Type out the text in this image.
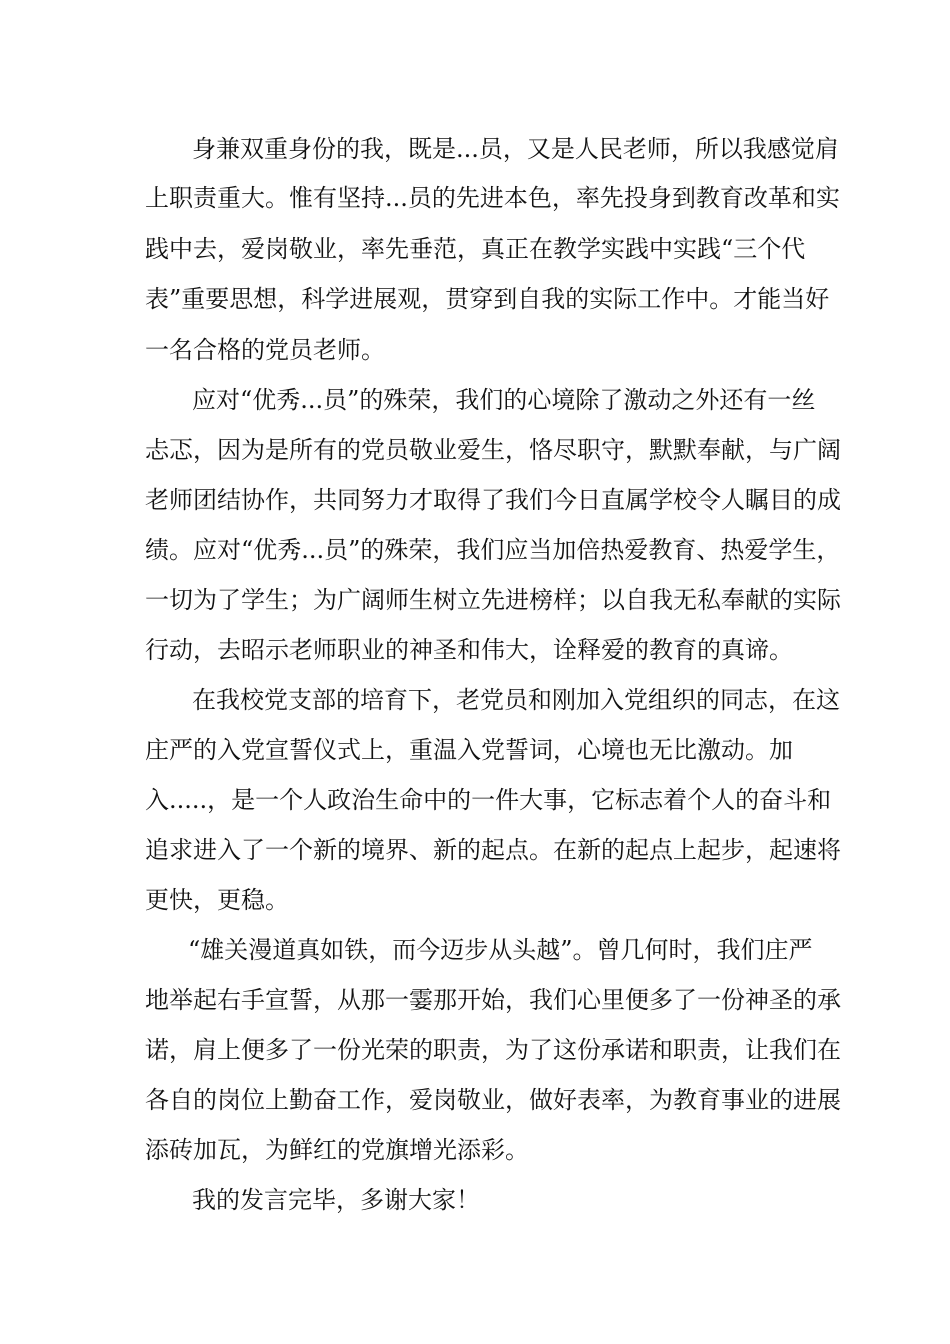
身兼双重身份的我，既是...员，又是人民老师，所以我感觉肩
上职责重大。惟有坚持...员的先进本色，率先投身到教育改革和实
践中去，爱岗敬业，率先垂范，真正在教学实践中实践“三个代
表”重要思想，科学进展观，贯穿到自我的实际工作中。才能当好
一名合格的党员老师。
应对“优秀...员”的殊荣，我们的心境除了激动之外还有一丝
忐忑，因为是所有的党员敬业爱生，恪尽职守，默默奉献，与广阔
老师团结协作，共同努力才取得了我们今日直属学校令人瞩目的成
绩。应对“优秀...员”的殊荣，我们应当加倍热爱教育、热爱学生，
一切为了学生；为广阔师生树立先进榜样；以自我无私奉献的实际
行动，去昭示老师职业的神圣和伟大，诠释爱的教育的真谛。
在我校党支部的培育下，老党员和刚加入党组织的同志，在这
庄严的入党宣誓仪式上，重温入党誓词，心境也无比激动。加
入.....，是一个人政治生命中的一件大事，它标志着个人的奋斗和
追求进入了一个新的境界、新的起点。在新的起点上起步，起速将
更快，更稳。
“雄关漫道真如铁，而今迈步从头越”。曾几何时，我们庄严
地举起右手宣誓，从那一霎那开始，我们心里便多了一份神圣的承
诺，肩上便多了一份光荣的职责，为了这份承诺和职责，让我们在
各自的岗位上勤奋工作，爱岗敬业，做好表率，为教育事业的进展
添砖加瓦，为鲜红的党旗增光添彩。
我的发言完毕，多谢大家！
